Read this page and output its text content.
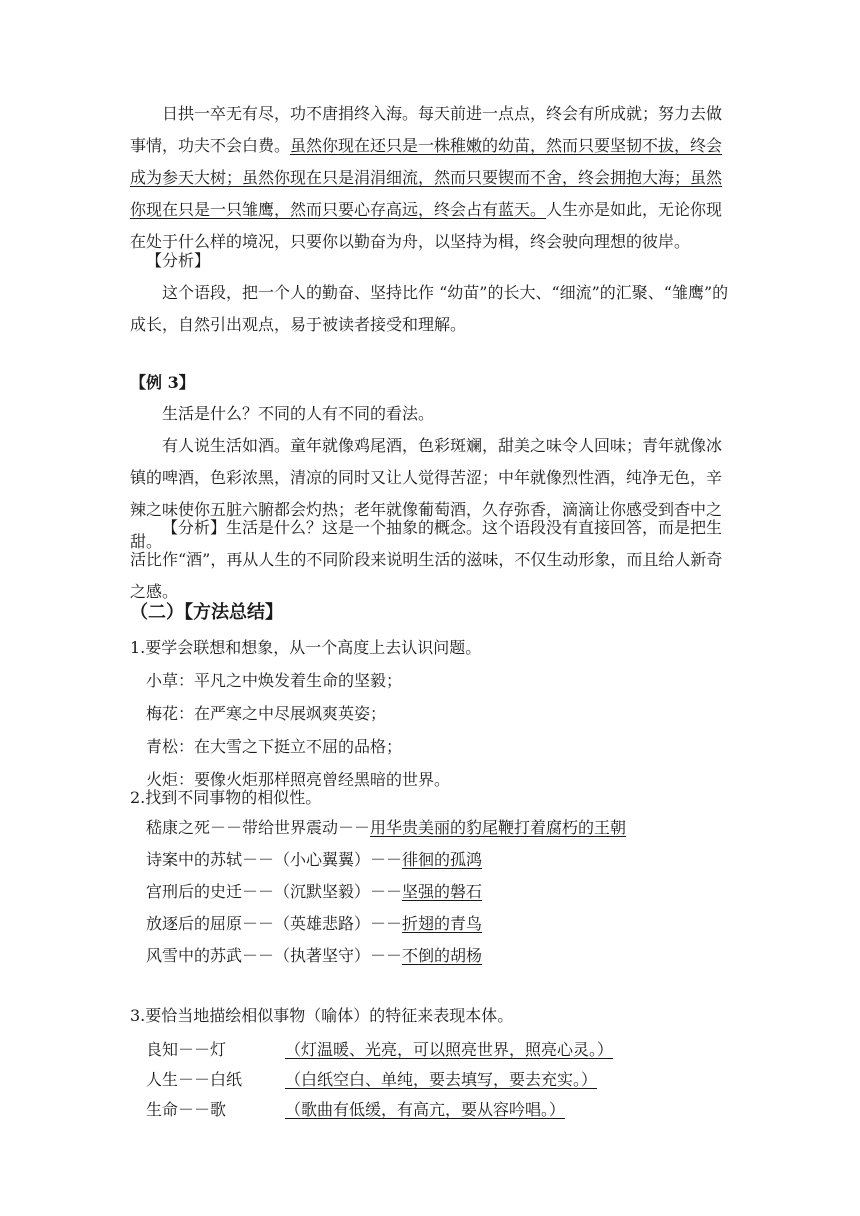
日拱一卒无有尽，功不唐捐终入海。每天前进一点点，终会有所成就；努力去做事情，功夫不会白费。虽然你现在还只是一株稚嫩的幼苗，然而只要坚韧不拔，终会成为参天大树；虽然你现在只是涓涓细流，然而只要锲而不舍，终会拥抱大海；虽然你现在只是一只雏鹰，然而只要心存高远，终会占有蓝天。人生亦是如此，无论你现在处于什么样的境况，只要你以勤奋为舟，以坚持为楫，终会驶向理想的彼岸。
【分析】
这个语段，把一个人的勤奋、坚持比作 “幼苗”的长大、“细流”的汇聚、“雏鹰”的成长，自然引出观点，易于被读者接受和理解。
【例 3】
生活是什么？不同的人有不同的看法。
有人说生活如酒。童年就像鸡尾酒，色彩斑斓，甜美之味令人回味；青年就像冰镇的啤酒，色彩浓黑，清凉的同时又让人觉得苦涩；中年就像烈性酒，纯净无色，辛辣之味使你五脏六腑都会灼热；老年就像葡萄酒，久存弥香，滴滴让你感受到杳中之甜。
【分析】生活是什么？这是一个抽象的概念。这个语段没有直接回答，而是把生活比作“酒”，再从人生的不同阶段来说明生活的滋味，不仅生动形象，而且给人新奇之感。
（二）【方法总结】
1.要学会联想和想象，从一个高度上去认识问题。
小草：平凡之中焕发着生命的坚毅；
梅花：在严寒之中尽展飒爽英姿；
青松：在大雪之下挺立不屈的品格；
火炬：要像火炬那样照亮曾经黑暗的世界。
2.找到不同事物的相似性。
嵇康之死－－带给世界震动－－用华贵美丽的豹尾鞭打着腐朽的王朝
诗案中的苏轼－－（小心翼翼）－－徘徊的孤鸿
宫刑后的史迁－－（沉默坚毅）－－坚强的磐石
放逐后的屈原－－（英雄悲路）－－折翅的青鸟
风雪中的苏武－－（执著坚守）－－不倒的胡杨
3.要恰当地描绘相似事物（喻体）的特征来表现本体。
良知－－灯	（灯温暖、光亮，可以照亮世界，照亮心灵。）
人生－－白纸	（白纸空白、单纯，要去填写，要去充实。）
生命－－歌	（歌曲有低缓，有高亢，要从容吟唱。）
